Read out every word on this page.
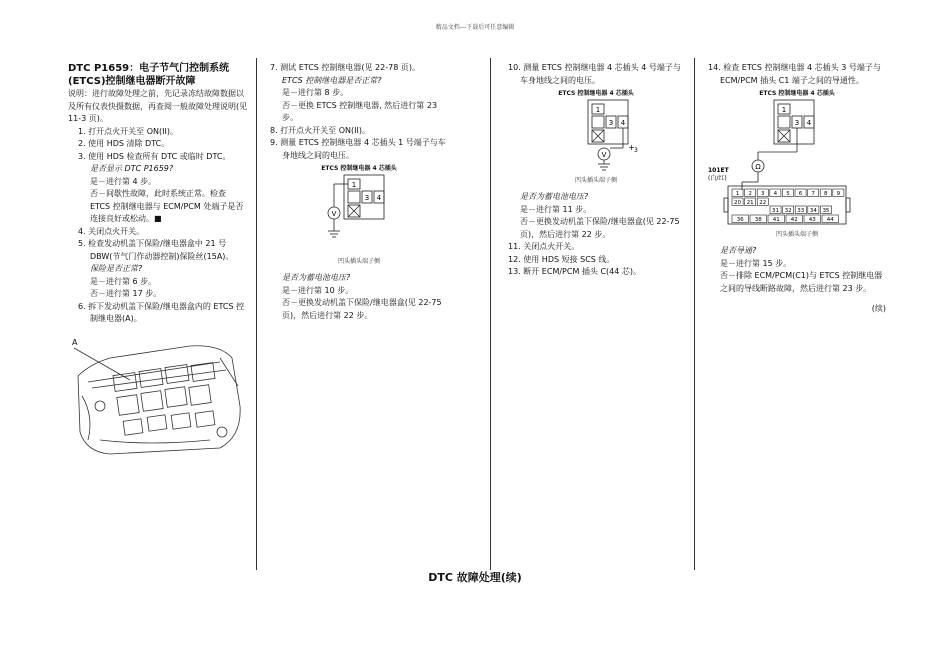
精品文档---下载后可任意编辑
DTC P1659：电子节气门控制系统
(ETCS)控制继电器断开故障

说明：进行故障处理之前，先记录冻结故障数据以及所有仪表快摄数据，再查阅一般故障处理说明(见 11-3 页)。

1. 打开点火开关至 ON(II)。

2. 使用 HDS 清除 DTC。

3. 使用 HDS 检查所有 DTC 或临时 DTC。

是否显示 DTC P1659?

是－进行第 4 步。

否－间歇性故障，此时系统正常。检查 ETCS 控制继电器与 ECM/PCM 处端子是否连接良好或松动。■

4. 关闭点火开关。

5. 检查发动机盖下保险/继电器盒中 21 号 DBW(节气门作动器控制)保险丝(15A)。

保险是否正常?

是－进行第 6 步。

否－进行第 17 步。

6. 拆下发动机盖下保险/继电器盒内的 ETCS 控制继电器(A)。

A

7. 测试 ETCS 控制继电器(见 22-78 页)。

ETCS 控制继电器是否正常?

是－进行第 8 步。

否－更换 ETCS 控制继电器, 然后进行第 23 步。

8. 打开点火开关至 ON(II)。

9. 测量 ETCS 控制继电器 4 芯插头 1 号端子与车身地线之间的电压。

ETCS 控制继电器 4 芯插头
1
3 4
V
凹头插头端子侧

是否为蓄电池电压?

是－进行第 10 步。

否－更换发动机盖下保险/继电器盒(见 22-75 页)，然后进行第 22 步。

10. 测量 ETCS 控制继电器 4 芯插头 4 号端子与车身地线之间的电压。

ETCS 控制继电器 4 芯插头
1
3 4
V
+ 3
凹头插头端子侧

是否为蓄电池电压?

是－进行第 11 步。

否－更换发动机盖下保险/继电器盒(见 22-75 页)，然后进行第 22 步。

11. 关闭点火开关。

12. 使用 HDS 短接 SCS 线。

13. 断开 ECM/PCM 插头 C(44 芯)。

14. 检查 ETCS 控制继电器 4 芯插头 3 号端子与 ECM/PCM 插头 C1 端子之间的导通性。

ETCS 控制继电器 4 芯插头
1
3 4
Ω
101ET
(白/红)
1 2 3 4 5 6 7 8 9
20 21 22
31 32 33 34 35
36 38 41 42 43 44
凹头插头端子侧

是否导通?

是－进行第 15 步。

否－排除 ECM/PCM(C1)与 ETCS 控制继电器之间的导线断路故障，然后进行第 23 步。

(续)

DTC 故障处理(续)
